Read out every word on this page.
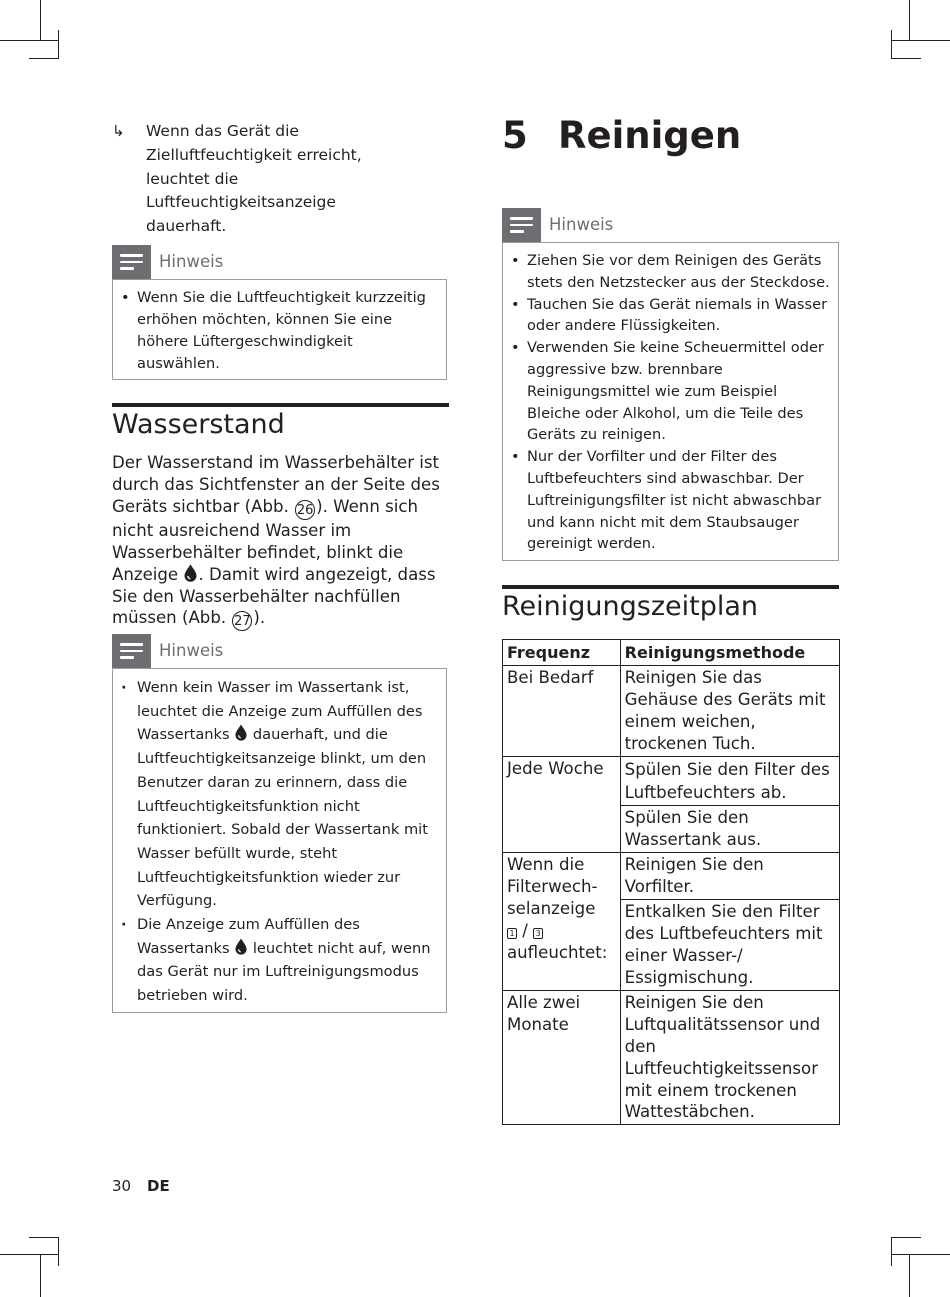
↳	Wenn das Gerät die Zielluftfeuchtigkeit erreicht, leuchtet die Luftfeuchtigkeitsanzeige dauerhaft.
Hinweis
• Wenn Sie die Luftfeuchtigkeit kurzzeitig erhöhen möchten, können Sie eine höhere Lüftergeschwindigkeit auswählen.
Wasserstand
Der Wasserstand im Wasserbehälter ist durch das Sichtfenster an der Seite des Geräts sichtbar (Abb. 26 ). Wenn sich nicht ausreichend Wasser im Wasserbehälter befindet, blinkt die Anzeige . Damit wird angezeigt, dass Sie den Wasserbehälter nachfüllen müssen (Abb. 27 ).
Hinweis
· Wenn kein Wasser im Wassertank ist, leuchtet die Anzeige zum Auffüllen des Wassertanks  dauerhaft, und die Luftfeuchtigkeitsanzeige blinkt, um den Benutzer daran zu erinnern, dass die Luftfeuchtigkeitsfunktion nicht funktioniert. Sobald der Wassertank mit Wasser befüllt wurde, steht Luftfeuchtigkeitsfunktion wieder zur Verfügung.
· Die Anzeige zum Auffüllen des Wassertanks  leuchtet nicht auf, wenn das Gerät nur im Luftreinigungsmodus betrieben wird.
5 Reinigen
Hinweis
• Ziehen Sie vor dem Reinigen des Geräts stets den Netzstecker aus der Steckdose.
• Tauchen Sie das Gerät niemals in Wasser oder andere Flüssigkeiten.
• Verwenden Sie keine Scheuermittel oder aggressive bzw. brennbare Reinigungsmittel wie zum Beispiel Bleiche oder Alkohol, um die Teile des Geräts zu reinigen.
• Nur der Vorfilter und der Filter des Luftbefeuchters sind abwaschbar. Der Luftreinigungsfilter ist nicht abwaschbar und kann nicht mit dem Staubsauger gereinigt werden.
Reinigungszeitplan
Frequenz	Reinigungsmethode
Bei Bedarf	Reinigen Sie das Gehäuse des Geräts mit einem weichen, trockenen Tuch.
Jede Woche	Spülen Sie den Filter des Luftbefeuchters ab.
	Spülen Sie den Wassertank aus.
Wenn die Filterwech-selanzeige
1 / 3
aufleuchtet:	Reinigen Sie den Vorfilter.
	Entkalken Sie den Filter des Luftbefeuchters mit einer Wasser-/ Essigmischung.
Alle zwei Monate	Reinigen Sie den Luftqualitätssensor und den Luftfeuchtigkeitssensor mit einem trockenen Wattestäbchen.
30 DE
